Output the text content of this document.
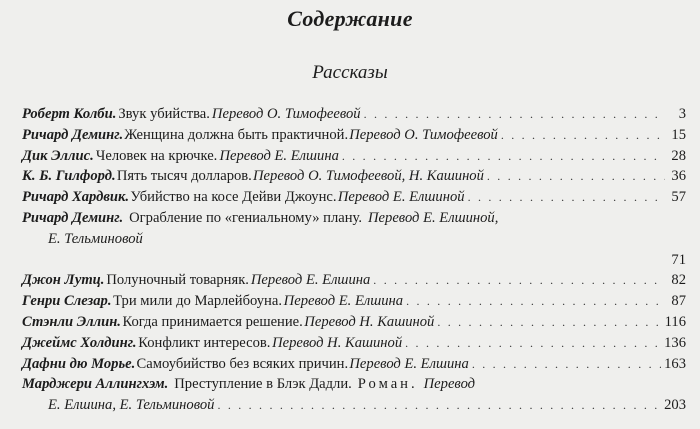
Содержание
Рассказы
Роберт Колби. Звук убийства. Перевод О. Тимофеевой . . .	3
Ричард Деминг. Женщина должна быть практичной. Перевод О. Тимофеевой . . .	15
Дик Эллис. Человек на крючке. Перевод Е. Елшина . . .	28
К. Б. Гилфорд. Пять тысяч долларов. Перевод О. Тимофеевой, Н. Кашиной . . .	36
Ричард Хардвик. Убийство на косе Дейви Джоунс. Перевод Е. Елшиной . . .	57
Ричард Деминг. Ограбление по «гениальному» плану. Перевод Е. Елшиной,
Е. Тельминовой
71
Джон Лутц. Полуночный товарняк. Перевод Е. Елшина . . .	82
Генри Слезар. Три мили до Марлейбоуна. Перевод Е. Елшина . . .	87
Стэнли Эллин. Когда принимается решение. Перевод Н. Кашиной . . .	116
Джеймс Холдинг. Конфликт интересов. Перевод Н. Кашиной . . .	136
Дафни дю Морье. Самоубийство без всяких причин. Перевод Е. Елшина . . .	163
Марджери Аллингхэм. Преступление в Блэк Дадли. Роман. Перевод
Е. Елшина, Е. Тельминовой . . .	203
